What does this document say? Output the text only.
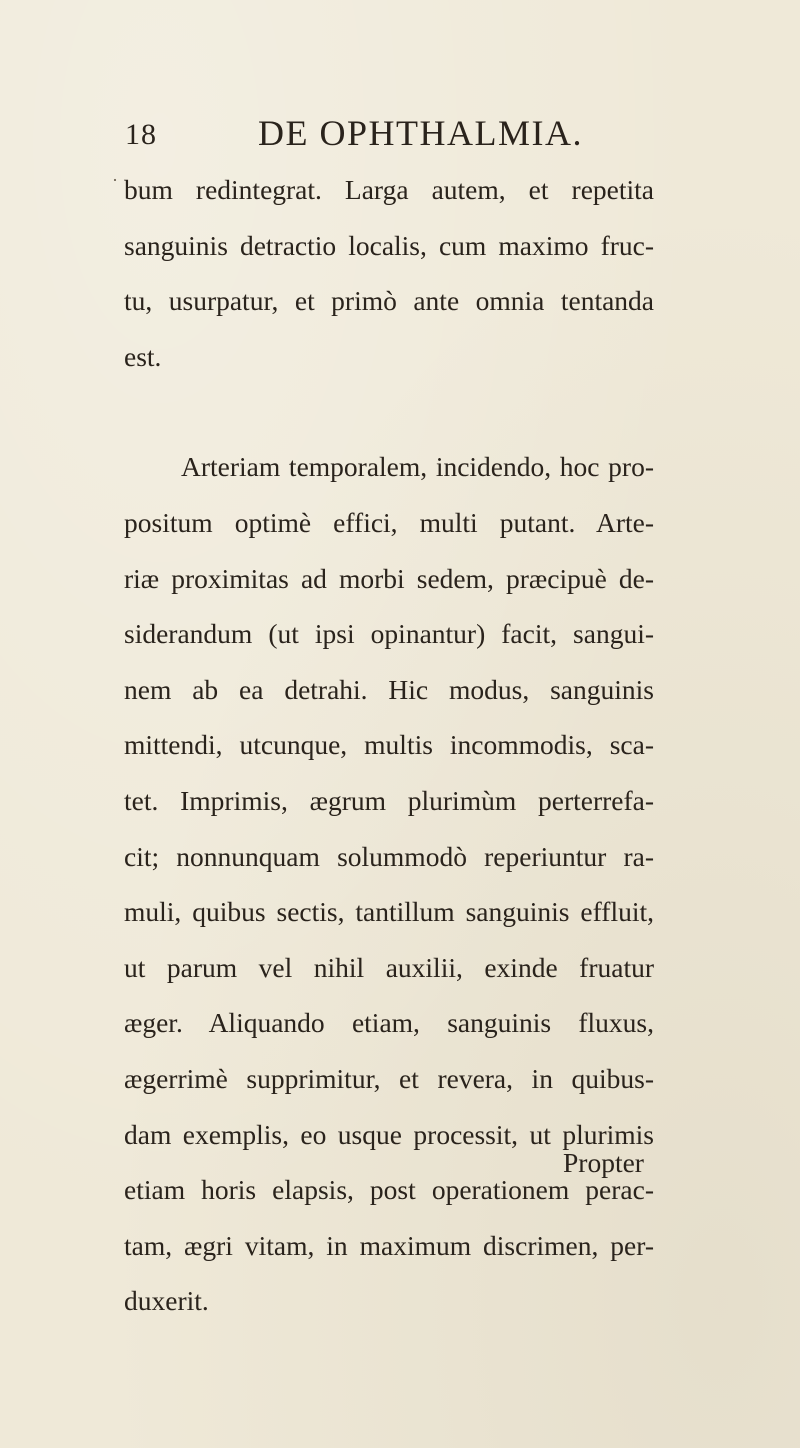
18	DE OPHTHALMIA.
· bum redintegrat. Larga autem, et repetita
sanguinis detractio localis, cum maximo fruc-
tu, usurpatur, et primò ante omnia tentanda
est.

Arteriam temporalem, incidendo, hoc pro-
positum optimè effici, multi putant. Arte-
riæ proximitas ad morbi sedem, præcipuè de-
siderandum (ut ipsi opinantur) facit, sangui-
nem ab ea detrahi. Hic modus, sanguinis
mittendi, utcunque, multis incommodis, sca-
tet. Imprimis, ægrum plurimùm perterrefa-
cit; nonnunquam solummodò reperiuntur ra-
muli, quibus sectis, tantillum sanguinis effluit,
ut parum vel nihil auxilii, exinde fruatur
æger. Aliquando etiam, sanguinis fluxus,
ægerrimè supprimitur, et revera, in quibus-
dam exemplis, eo usque processit, ut plurimis
etiam horis elapsis, post operationem perac-
tam, ægri vitam, in maximum discrimen, per-
duxerit.

Propter
